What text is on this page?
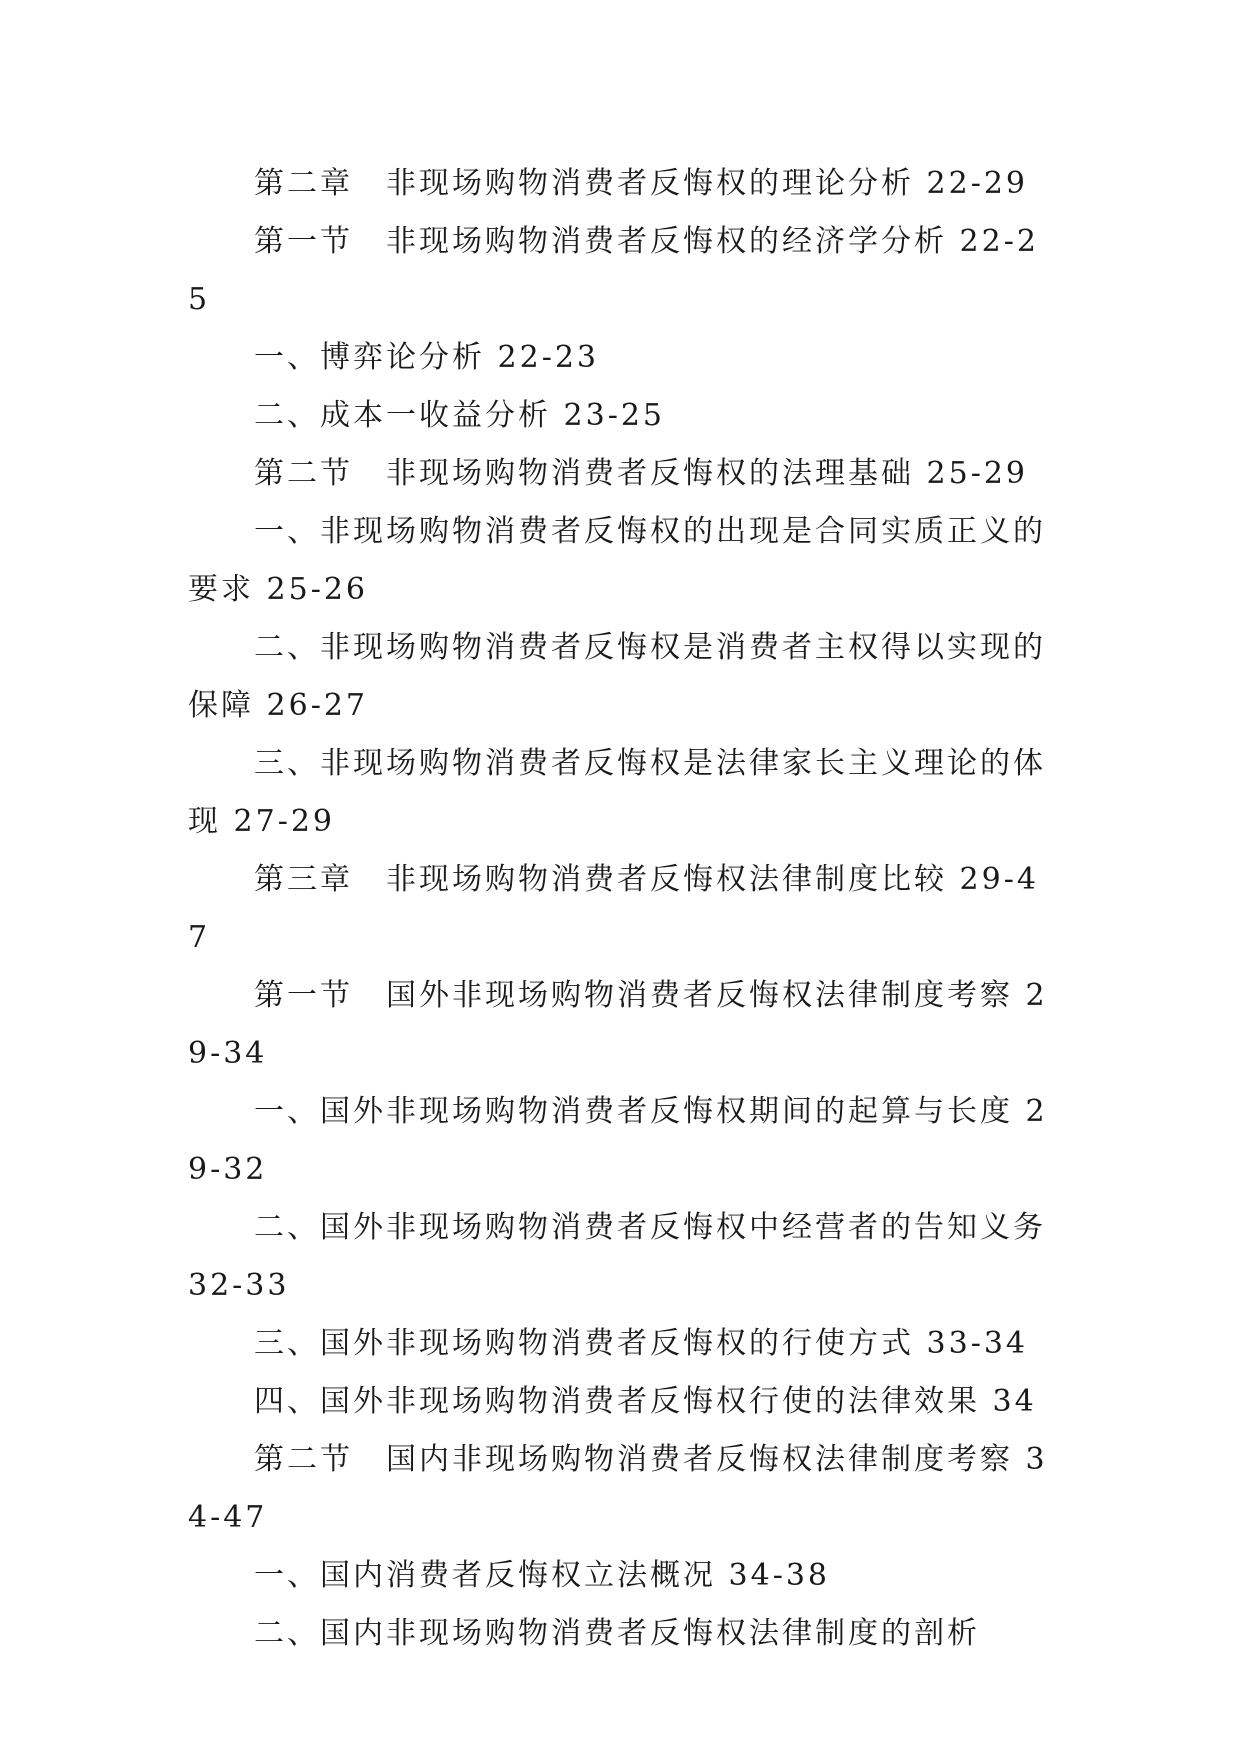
第二章　非现场购物消费者反悔权的理论分析 22-29

第一节　非现场购物消费者反悔权的经济学分析 22-25

一、博弈论分析 22-23

二、成本一收益分析 23-25

第二节　非现场购物消费者反悔权的法理基础 25-29

一、非现场购物消费者反悔权的出现是合同实质正义的要求 25-26

二、非现场购物消费者反悔权是消费者主权得以实现的保障 26-27

三、非现场购物消费者反悔权是法律家长主义理论的体现 27-29

第三章　非现场购物消费者反悔权法律制度比较 29-47

第一节　国外非现场购物消费者反悔权法律制度考察 29-34

一、国外非现场购物消费者反悔权期间的起算与长度 29-32

二、国外非现场购物消费者反悔权中经营者的告知义务 32-33

三、国外非现场购物消费者反悔权的行使方式 33-34

四、国外非现场购物消费者反悔权行使的法律效果 34

第二节　国内非现场购物消费者反悔权法律制度考察 34-47

一、国内消费者反悔权立法概况 34-38

二、国内非现场购物消费者反悔权法律制度的剖析
